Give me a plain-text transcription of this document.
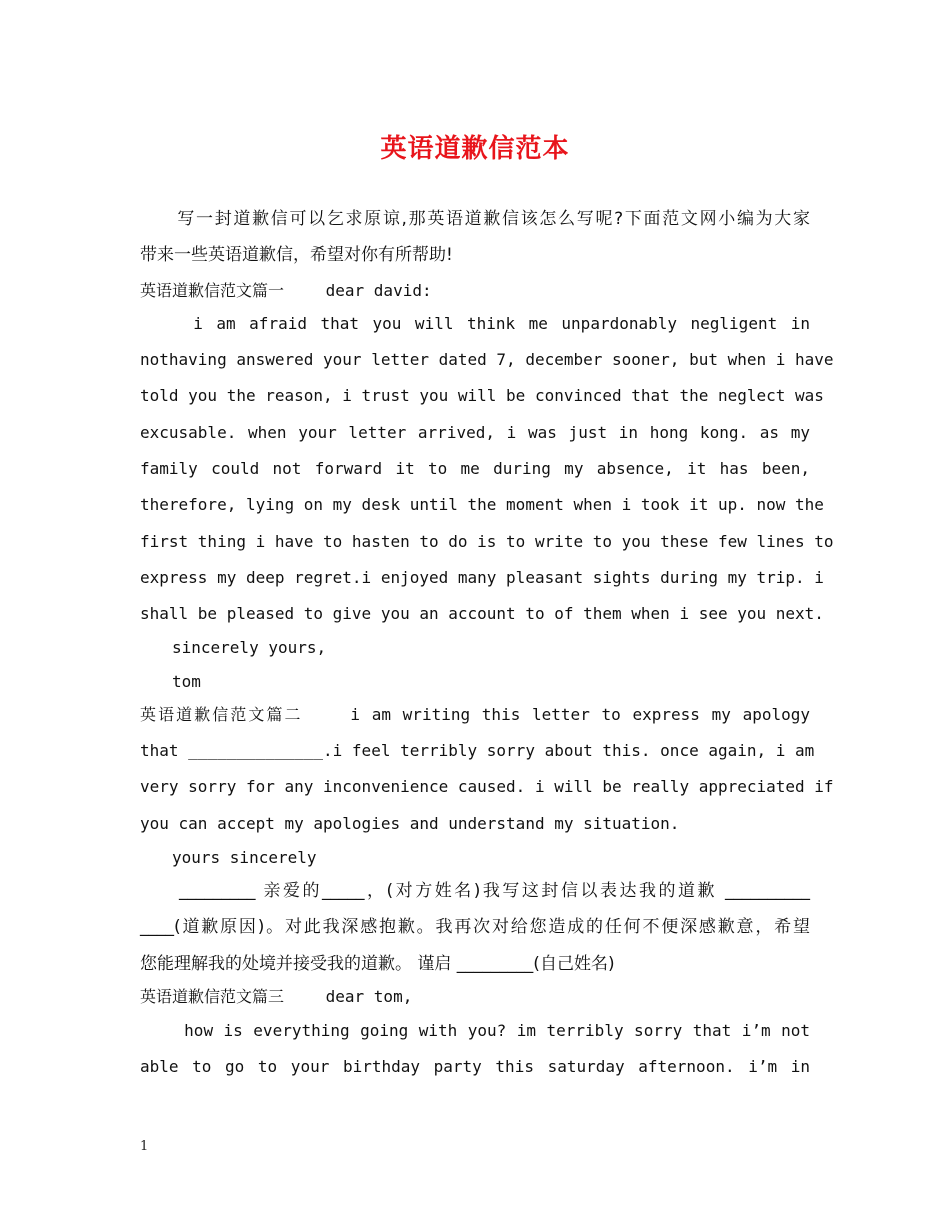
英语道歉信范本
　　写一封道歉信可以乞求原谅,那英语道歉信该怎么写呢?下面范文网小编为大家
带来一些英语道歉信，希望对你有所帮助!
英语道歉信范文篇一　　 dear david:
　　 i am afraid that you will think me unpardonably negligent in
nothaving answered your letter dated 7, december sooner, but when i have
told you the reason, i trust you will be convinced that the neglect was
excusable. when your letter arrived, i was just in hong kong. as my
family could not forward it to me during my absence, it has been,
therefore, lying on my desk until the moment when i took it up. now the
first thing i have to hasten to do is to write to you these few lines to
express my deep regret.i enjoyed many pleasant sights during my trip. i
shall be pleased to give you an account to of them when i see you next.
　　sincerely yours,
　　tom
英语道歉信范文篇二　　 i am writing this letter to express my apology
that ______________.i feel terribly sorry about this. once again, i am
very sorry for any inconvenience caused. i will be really appreciated if
you can accept my apologies and understand my situation.
　　yours sincerely
　　_________ 亲爱的_____，(对方姓名)我写这封信以表达我的道歉 __________
____(道歉原因)。对此我深感抱歉。我再次对给您造成的任何不便深感歉意，希望
您能理解我的处境并接受我的道歉。 谨启 _________(自己姓名)
英语道歉信范文篇三　　 dear tom,
　　 how is everything going with you? im terribly sorry that i’m not
able to go to your birthday party this saturday afternoon. i’m in
1
